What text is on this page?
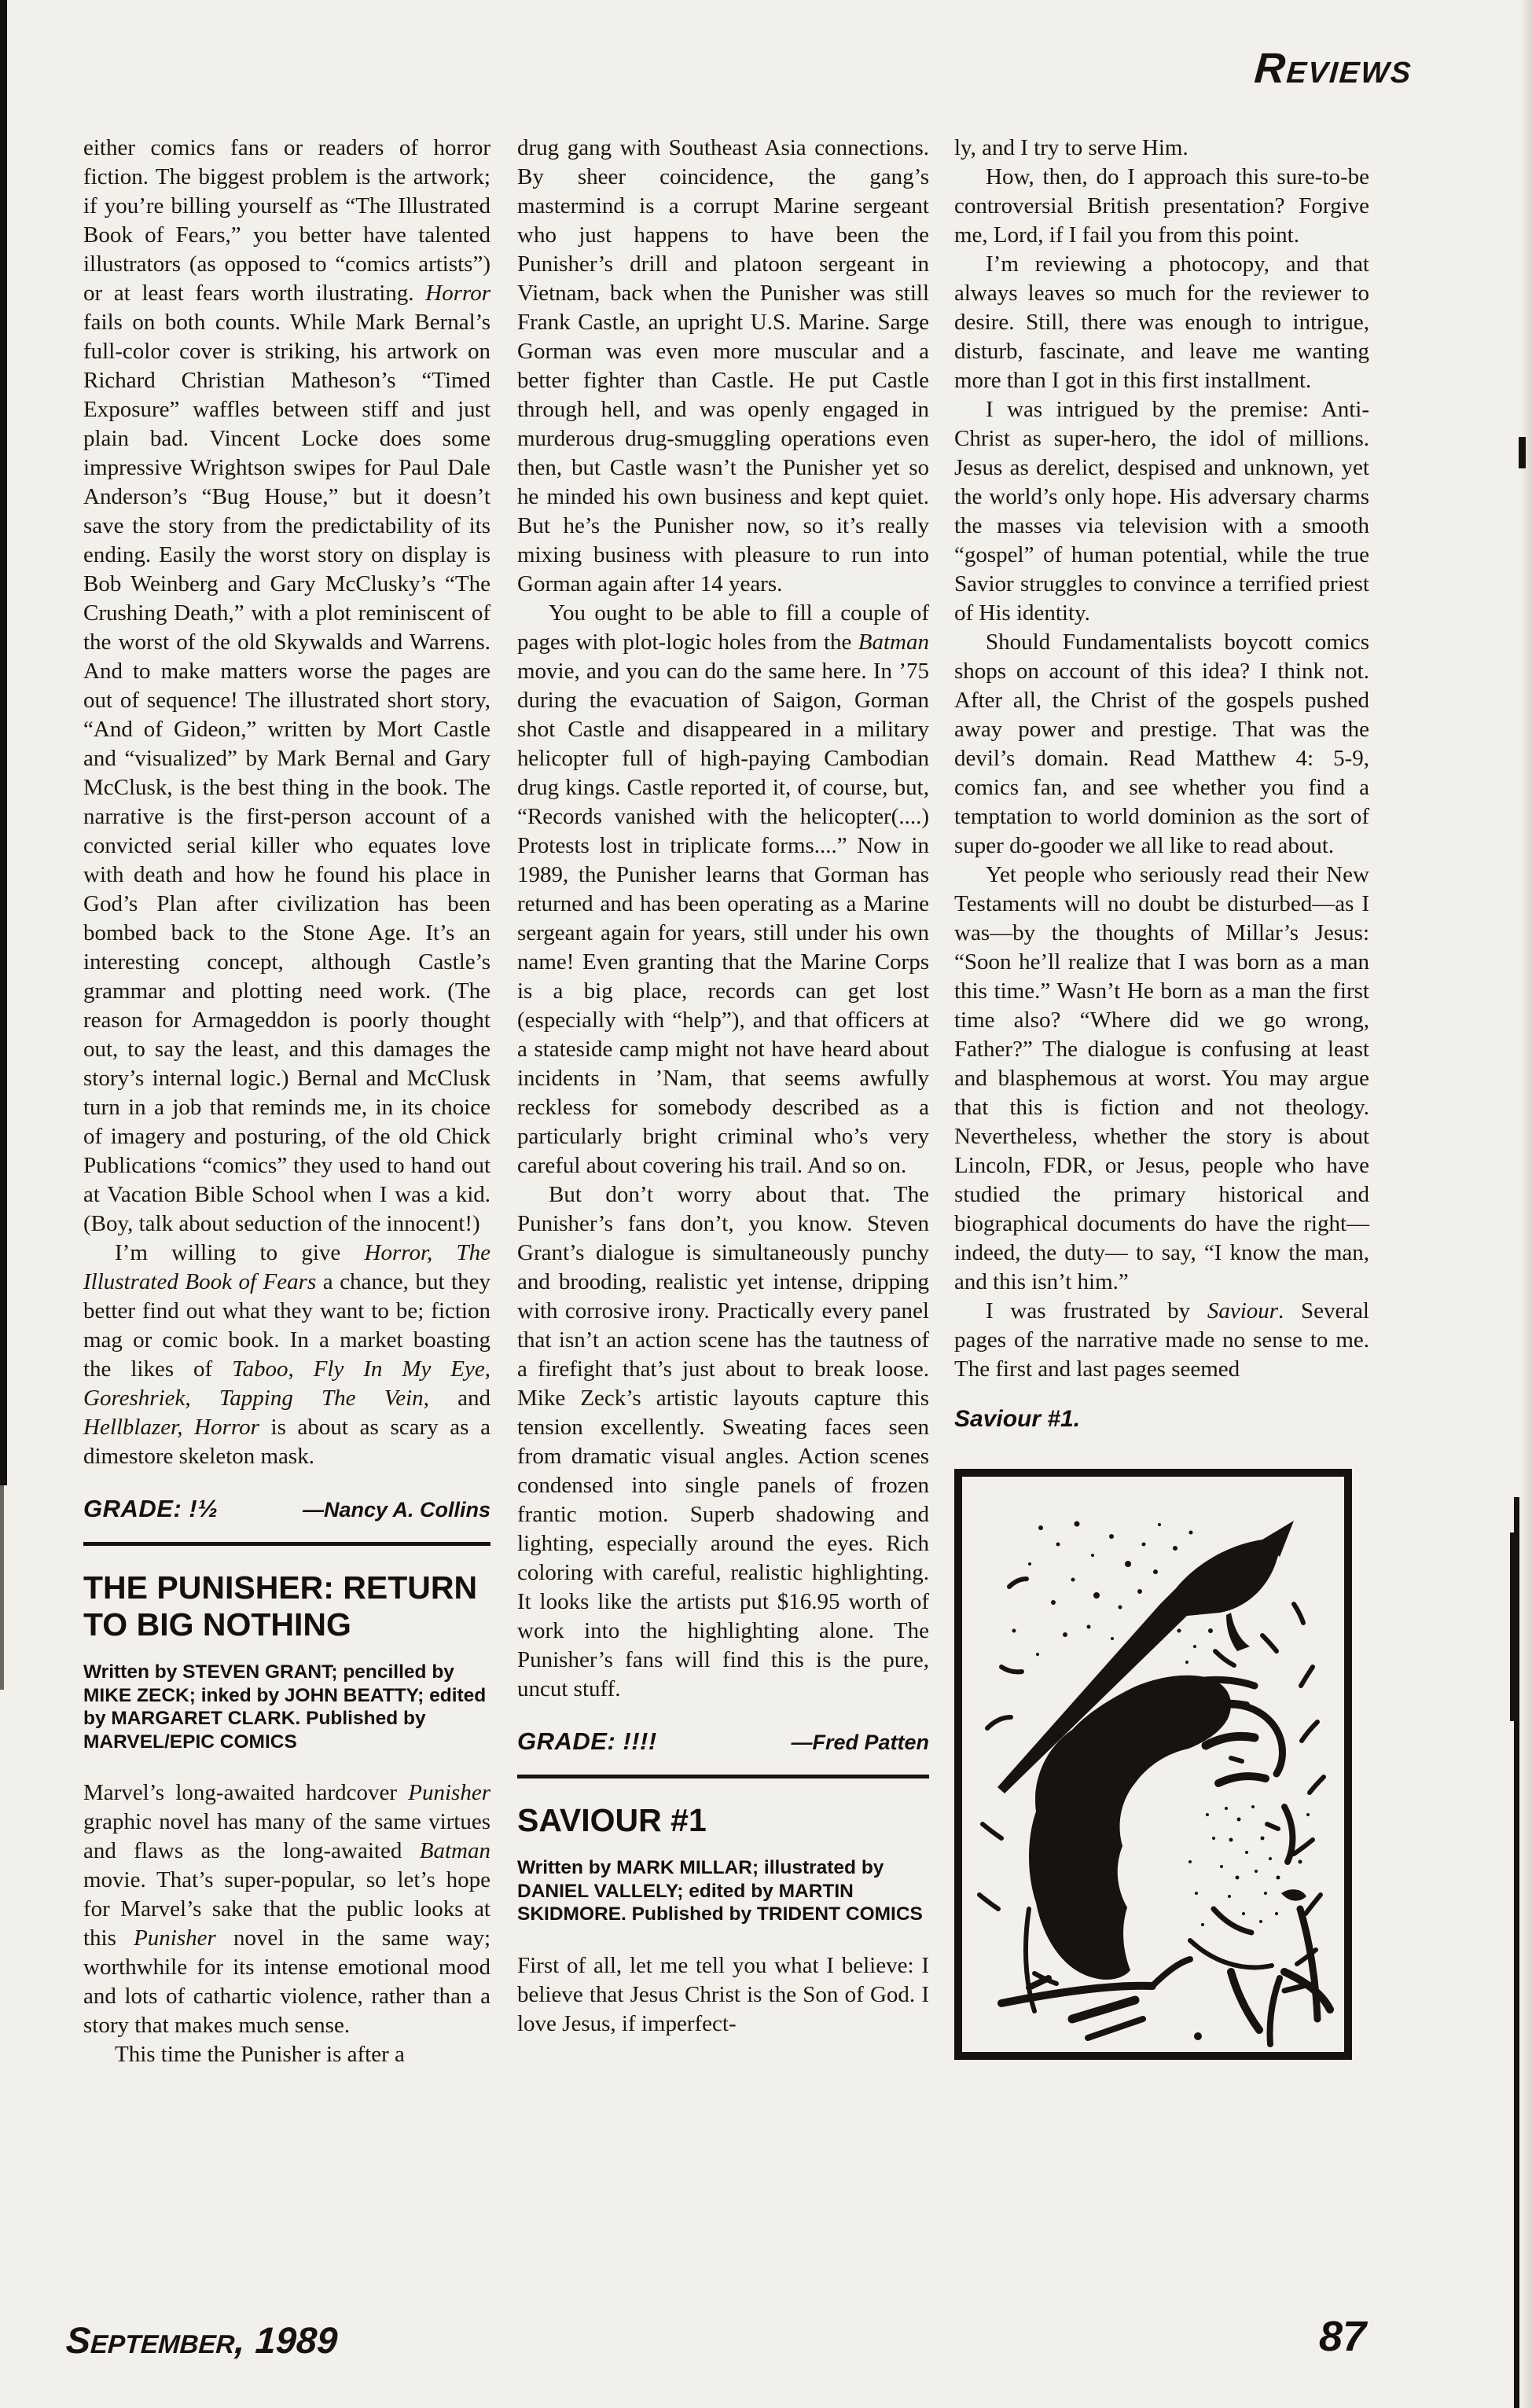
Reviews

either comics fans or readers of horror fiction. The biggest problem is the artwork; if you’re billing yourself as “The Illustrated Book of Fears,” you better have talented illustrators (as opposed to “comics artists”) or at least fears worth ilustrating. Horror fails on both counts. While Mark Bernal’s full-color cover is striking, his artwork on Richard Christian Matheson’s “Timed Exposure” waffles between stiff and just plain bad. Vincent Locke does some impressive Wrightson swipes for Paul Dale Anderson’s “Bug House,” but it doesn’t save the story from the predictability of its ending. Easily the worst story on display is Bob Weinberg and Gary McClusky’s “The Crushing Death,” with a plot reminiscent of the worst of the old Skywalds and Warrens. And to make matters worse the pages are out of sequence! The illustrated short story, “And of Gideon,” written by Mort Castle and “visualized” by Mark Bernal and Gary McClusk, is the best thing in the book. The narrative is the first-person account of a convicted serial killer who equates love with death and how he found his place in God’s Plan after civilization has been bombed back to the Stone Age. It’s an interesting concept, although Castle’s grammar and plotting need work. (The reason for Armageddon is poorly thought out, to say the least, and this damages the story’s internal logic.) Bernal and McClusk turn in a job that reminds me, in its choice of imagery and posturing, of the old Chick Publications “comics” they used to hand out at Vacation Bible School when I was a kid. (Boy, talk about seduction of the innocent!)

I’m willing to give Horror, The Illustrated Book of Fears a chance, but they better find out what they want to be; fiction mag or comic book. In a market boasting the likes of Taboo, Fly In My Eye, Goreshriek, Tapping The Vein, and Hellblazer, Horror is about as scary as a dimestore skeleton mask.

GRADE: !½	—Nancy A. Collins
THE PUNISHER: RETURN TO BIG NOTHING
Written by STEVEN GRANT; pencilled by MIKE ZECK; inked by JOHN BEATTY; edited by MARGARET CLARK. Published by MARVEL/EPIC COMICS

Marvel’s long-awaited hardcover Punisher graphic novel has many of the same virtues and flaws as the long-awaited Batman movie. That’s super-popular, so let’s hope for Marvel’s sake that the public looks at this Punisher novel in the same way; worthwhile for its intense emotional mood and lots of cathartic violence, rather than a story that makes much sense.

This time the Punisher is after a

drug gang with Southeast Asia connections. By sheer coincidence, the gang’s mastermind is a corrupt Marine sergeant who just happens to have been the Punisher’s drill and platoon sergeant in Vietnam, back when the Punisher was still Frank Castle, an upright U.S. Marine. Sarge Gorman was even more muscular and a better fighter than Castle. He put Castle through hell, and was openly engaged in murderous drug-smuggling operations even then, but Castle wasn’t the Punisher yet so he minded his own business and kept quiet. But he’s the Punisher now, so it’s really mixing business with pleasure to run into Gorman again after 14 years.

You ought to be able to fill a couple of pages with plot-logic holes from the Batman movie, and you can do the same here. In ’75 during the evacuation of Saigon, Gorman shot Castle and disappeared in a military helicopter full of high-paying Cambodian drug kings. Castle reported it, of course, but, “Records vanished with the helicopter(....) Protests lost in triplicate forms....” Now in 1989, the Punisher learns that Gorman has returned and has been operating as a Marine sergeant again for years, still under his own name! Even granting that the Marine Corps is a big place, records can get lost (especially with “help”), and that officers at a stateside camp might not have heard about incidents in ’Nam, that seems awfully reckless for somebody described as a particularly bright criminal who’s very careful about covering his trail. And so on.

But don’t worry about that. The Punisher’s fans don’t, you know. Steven Grant’s dialogue is simultaneously punchy and brooding, realistic yet intense, dripping with corrosive irony. Practically every panel that isn’t an action scene has the tautness of a firefight that’s just about to break loose. Mike Zeck’s artistic layouts capture this tension excellently. Sweating faces seen from dramatic visual angles. Action scenes condensed into single panels of frozen frantic motion. Superb shadowing and lighting, especially around the eyes. Rich coloring with careful, realistic highlighting. It looks like the artists put $16.95 worth of work into the highlighting alone. The Punisher’s fans will find this is the pure, uncut stuff.

GRADE: !!!!	—Fred Patten
SAVIOUR #1
Written by MARK MILLAR; illustrated by DANIEL VALLELY; edited by MARTIN SKIDMORE. Published by TRIDENT COMICS

First of all, let me tell you what I believe: I believe that Jesus Christ is the Son of God. I love Jesus, if imperfect-

ly, and I try to serve Him.

How, then, do I approach this sure-to-be controversial British presentation? Forgive me, Lord, if I fail you from this point.

I’m reviewing a photocopy, and that always leaves so much for the reviewer to desire. Still, there was enough to intrigue, disturb, fascinate, and leave me wanting more than I got in this first installment.

I was intrigued by the premise: Anti-Christ as super-hero, the idol of millions. Jesus as derelict, despised and unknown, yet the world’s only hope. His adversary charms the masses via television with a smooth “gospel” of human potential, while the true Savior struggles to convince a terrified priest of His identity.

Should Fundamentalists boycott comics shops on account of this idea? I think not. After all, the Christ of the gospels pushed away power and prestige. That was the devil’s domain. Read Matthew 4: 5-9, comics fan, and see whether you find a temptation to world dominion as the sort of super do-gooder we all like to read about.

Yet people who seriously read their New Testaments will no doubt be disturbed—as I was—by the thoughts of Millar’s Jesus: “Soon he’ll realize that I was born as a man this time.” Wasn’t He born as a man the first time also? “Where did we go wrong, Father?” The dialogue is confusing at least and blasphemous at worst. You may argue that this is fiction and not theology. Nevertheless, whether the story is about Lincoln, FDR, or Jesus, people who have studied the primary historical and biographical documents do have the right—indeed, the duty— to say, “I know the man, and this isn’t him.”

I was frustrated by Saviour. Several pages of the narrative made no sense to me. The first and last pages seemed

Saviour #1.
September, 1989	87
